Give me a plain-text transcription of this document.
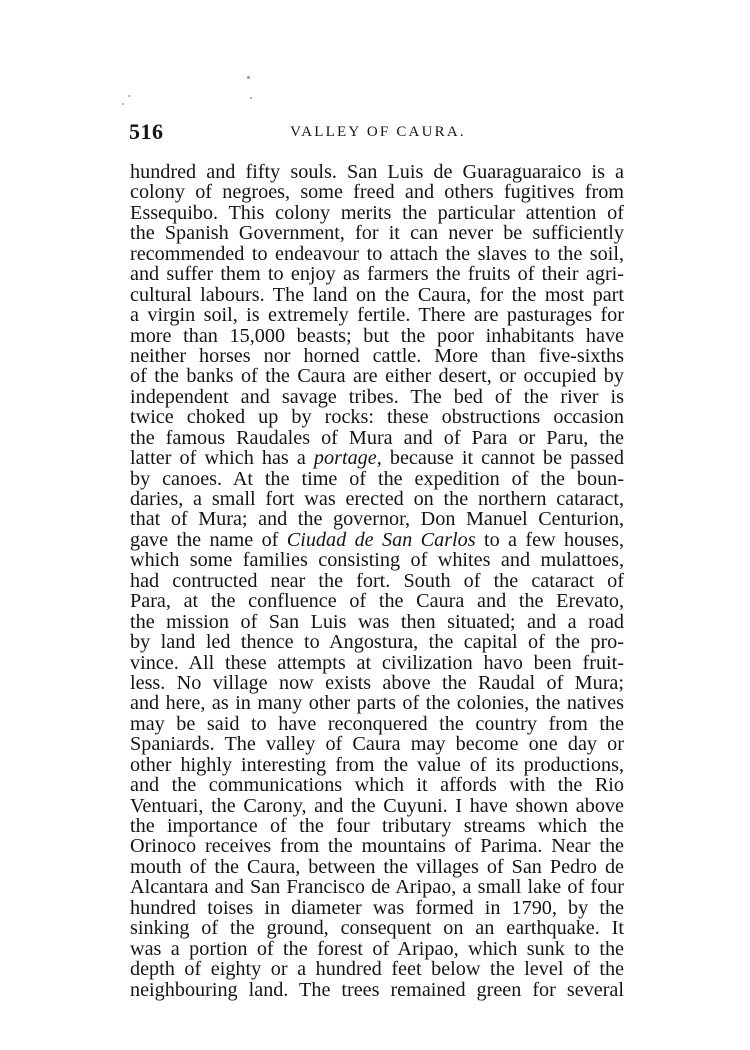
516	VALLEY OF CAURA.
hundred and fifty souls. San Luis de Guaraguaraico is a
colony of negroes, some freed and others fugitives from
Essequibo. This colony merits the particular attention of
the Spanish Government, for it can never be sufficiently
recommended to endeavour to attach the slaves to the soil,
and suffer them to enjoy as farmers the fruits of their agri-
cultural labours. The land on the Caura, for the most part
a virgin soil, is extremely fertile. There are pasturages for
more than 15,000 beasts; but the poor inhabitants have
neither horses nor horned cattle. More than five-sixths
of the banks of the Caura are either desert, or occupied by
independent and savage tribes. The bed of the river is
twice choked up by rocks: these obstructions occasion
the famous Raudales of Mura and of Para or Paru, the
latter of which has a portage, because it cannot be passed
by canoes. At the time of the expedition of the boun-
daries, a small fort was erected on the northern cataract,
that of Mura; and the governor, Don Manuel Centurion,
gave the name of Ciudad de San Carlos to a few houses,
which some families consisting of whites and mulattoes,
had contructed near the fort. South of the cataract of
Para, at the confluence of the Caura and the Erevato,
the mission of San Luis was then situated; and a road
by land led thence to Angostura, the capital of the pro-
vince. All these attempts at civilization havo been fruit-
less. No village now exists above the Raudal of Mura;
and here, as in many other parts of the colonies, the natives
may be said to have reconquered the country from the
Spaniards. The valley of Caura may become one day or
other highly interesting from the value of its productions,
and the communications which it affords with the Rio
Ventuari, the Carony, and the Cuyuni. I have shown above
the importance of the four tributary streams which the
Orinoco receives from the mountains of Parima. Near the
mouth of the Caura, between the villages of San Pedro de
Alcantara and San Francisco de Aripao, a small lake of four
hundred toises in diameter was formed in 1790, by the
sinking of the ground, consequent on an earthquake. It
was a portion of the forest of Aripao, which sunk to the
depth of eighty or a hundred feet below the level of the
neighbouring land. The trees remained green for several
